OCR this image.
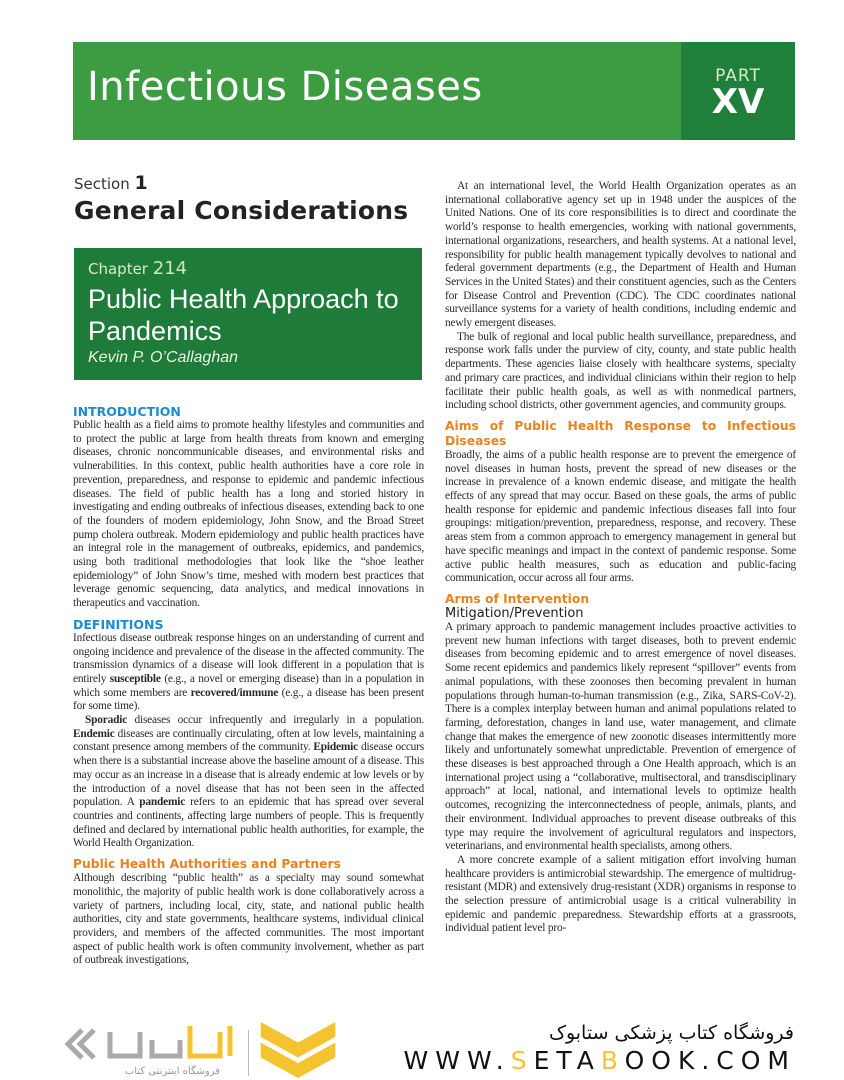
Infectious Diseases	PART
XV
Section 1
General Considerations
Chapter 214
Public Health Approach to Pandemics
Kevin P. O’Callaghan
INTRODUCTION

Public health as a field aims to promote healthy lifestyles and communities and to protect the public at large from health threats from known and emerging diseases, chronic noncommunicable diseases, and environmental risks and vulnerabilities. In this context, public health authorities have a core role in prevention, preparedness, and response to epidemic and pandemic infectious diseases. The field of public health has a long and storied history in investigating and ending outbreaks of infectious diseases, extending back to one of the founders of modern epidemiology, John Snow, and the Broad Street pump cholera outbreak. Modern epidemiology and public health practices have an integral role in the management of outbreaks, epidemics, and pandemics, using both traditional methodologies that look like the “shoe leather epidemiology” of John Snow’s time, meshed with modern best practices that leverage genomic sequencing, data analytics, and medical innovations in therapeutics and vaccination.

DEFINITIONS

Infectious disease outbreak response hinges on an understanding of current and ongoing incidence and prevalence of the disease in the affected community. The transmission dynamics of a disease will look different in a population that is entirely susceptible (e.g., a novel or emerging disease) than in a population in which some members are recovered/immune (e.g., a disease has been present for some time).

Sporadic diseases occur infrequently and irregularly in a population. Endemic diseases are continually circulating, often at low levels, maintaining a constant presence among members of the community. Epidemic disease occurs when there is a substantial increase above the baseline amount of a disease. This may occur as an increase in a disease that is already endemic at low levels or by the introduction of a novel disease that has not been seen in the affected population. A pandemic refers to an epidemic that has spread over several countries and continents, affecting large numbers of people. This is frequently defined and declared by international public health authorities, for example, the World Health Organization.

Public Health Authorities and Partners

Although describing “public health” as a specialty may sound somewhat monolithic, the majority of public health work is done collaboratively across a variety of partners, including local, city, state, and national public health authorities, city and state governments, healthcare systems, individual clinical providers, and members of the affected communities. The most important aspect of public health work is often community involvement, whether as part of outbreak investigations,

At an international level, the World Health Organization operates as an international collaborative agency set up in 1948 under the auspices of the United Nations. One of its core responsibilities is to direct and coordinate the world’s response to health emergencies, working with national governments, international organizations, researchers, and health systems. At a national level, responsibility for public health management typically devolves to national and federal government departments (e.g., the Department of Health and Human Services in the United States) and their constituent agencies, such as the Centers for Disease Control and Prevention (CDC). The CDC coordinates national surveillance systems for a variety of health conditions, including endemic and newly emergent diseases.

The bulk of regional and local public health surveillance, preparedness, and response work falls under the purview of city, county, and state public health departments. These agencies liaise closely with healthcare systems, specialty and primary care practices, and individual clinicians within their region to help facilitate their public health goals, as well as with nonmedical partners, including school districts, other government agencies, and community groups.

Aims of Public Health Response to Infectious Diseases

Broadly, the aims of a public health response are to prevent the emergence of novel diseases in human hosts, prevent the spread of new diseases or the increase in prevalence of a known endemic disease, and mitigate the health effects of any spread that may occur. Based on these goals, the arms of public health response for epidemic and pandemic infectious diseases fall into four groupings: mitigation/prevention, preparedness, response, and recovery. These areas stem from a common approach to emergency management in general but have specific meanings and impact in the context of pandemic response. Some active public health measures, such as education and public-facing communication, occur across all four arms.

Arms of Intervention
Mitigation/Prevention

A primary approach to pandemic management includes proactive activities to prevent new human infections with target diseases, both to prevent endemic diseases from becoming epidemic and to arrest emergence of novel diseases. Some recent epidemics and pandemics likely represent “spillover” events from animal populations, with these zoonoses then becoming prevalent in human populations through human-to-human transmission (e.g., Zika, SARS-CoV-2). There is a complex interplay between human and animal populations related to farming, deforestation, changes in land use, water management, and climate change that makes the emergence of new zoonotic diseases intermittently more likely and unfortunately somewhat unpredictable. Prevention of emergence of these diseases is best approached through a One Health approach, which is an international project using a “collaborative, multisectoral, and transdisciplinary approach” at local, national, and international levels to optimize health outcomes, recognizing the interconnectedness of people, animals, plants, and their environment. Individual approaches to prevent disease outbreaks of this type may require the involvement of agricultural regulators and inspectors, veterinarians, and environmental health specialists, among others.

A more concrete example of a salient mitigation effort involving human healthcare providers is antimicrobial stewardship. The emergence of multidrug-resistant (MDR) and extensively drug-resistant (XDR) organisms in response to the selection pressure of antimicrobial usage is a critical vulnerability in epidemic and pandemic preparedness. Stewardship efforts at a grassroots, individual patient level pro-

فروشگاه اینترنتی کتاب
فروشگاه کتاب پزشکی ستابوک
WWW.SETABOOK.COM
